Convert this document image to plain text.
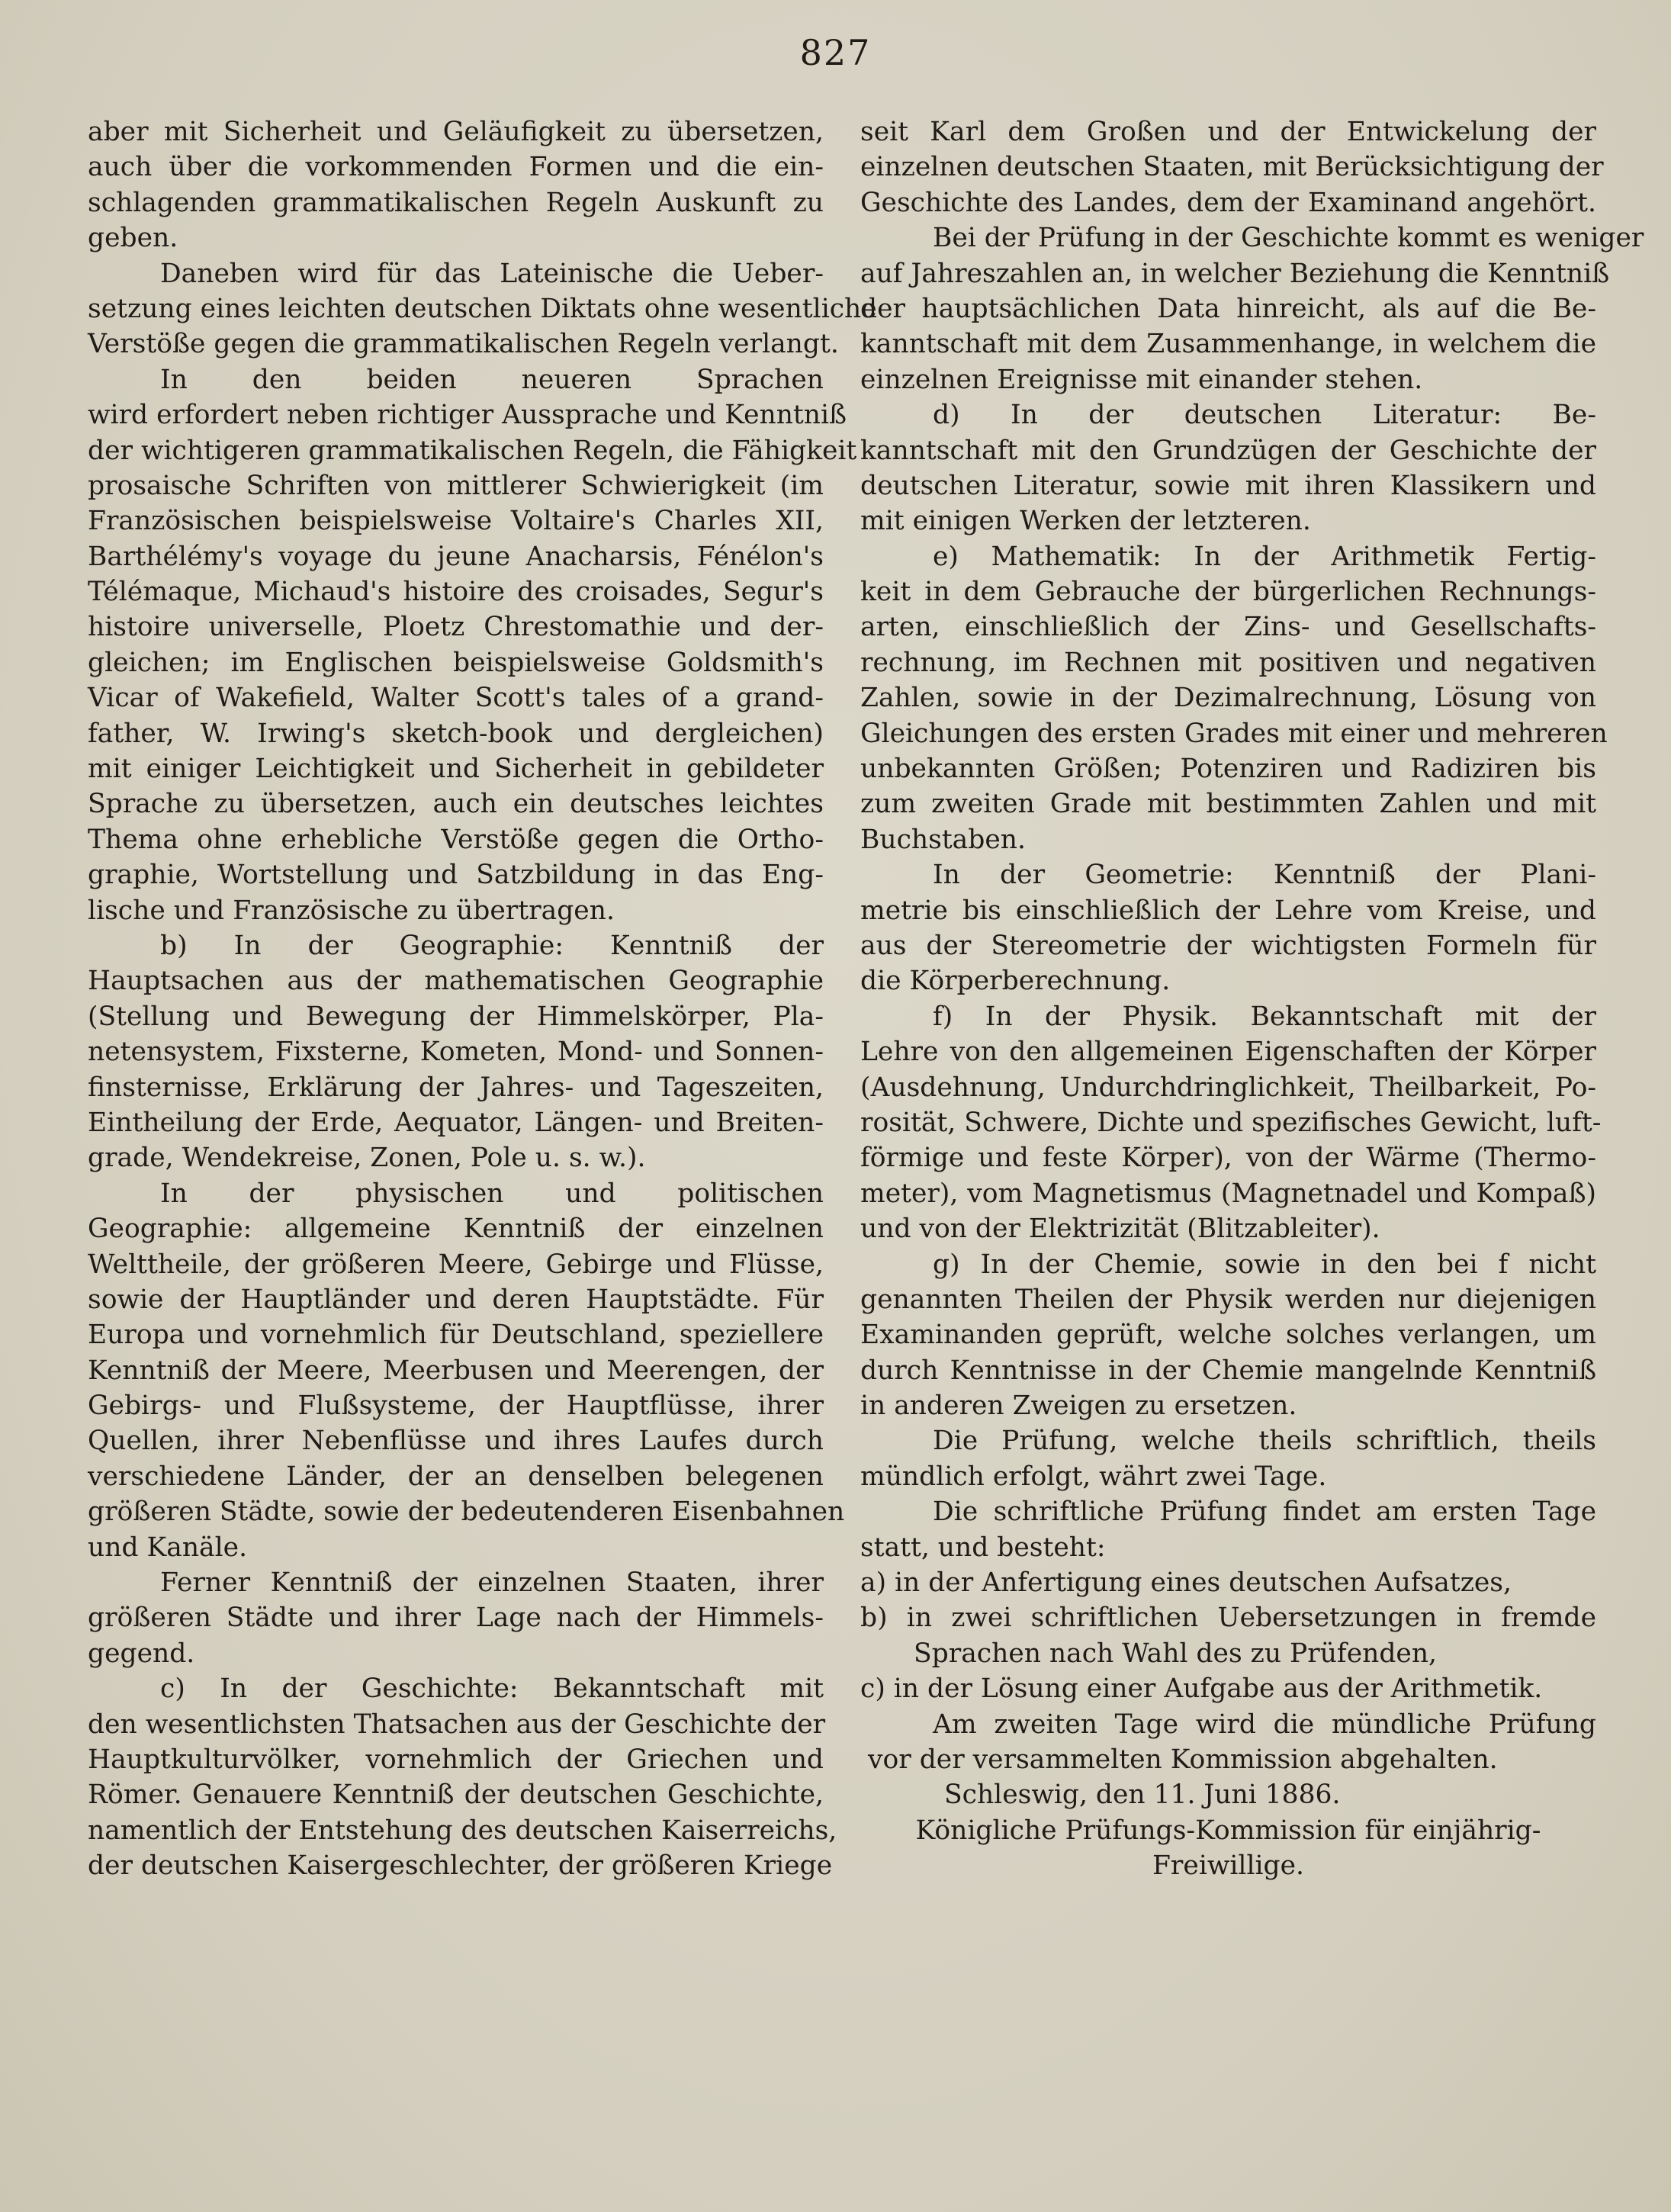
827
aber mit Sicherheit und Geläufigkeit zu übersetzen,
auch über die vorkommenden Formen und die ein-
schlagenden grammatikalischen Regeln Auskunft zu
geben.
Daneben wird für das Lateinische die Ueber-
setzung eines leichten deutschen Diktats ohne wesentliche
Verstöße gegen die grammatikalischen Regeln verlangt.
In den beiden neueren Sprachen
wird erfordert neben richtiger Aussprache und Kenntniß
der wichtigeren grammatikalischen Regeln, die Fähigkeit
prosaische Schriften von mittlerer Schwierigkeit (im
Französischen beispielsweise Voltaire's Charles XII,
Barthélémy's voyage du jeune Anacharsis, Fénélon's
Télémaque, Michaud's histoire des croisades, Segur's
histoire universelle, Ploetz Chrestomathie und der-
gleichen; im Englischen beispielsweise Goldsmith's
Vicar of Wakefield, Walter Scott's tales of a grand-
father, W. Irwing's sketch-book und dergleichen)
mit einiger Leichtigkeit und Sicherheit in gebildeter
Sprache zu übersetzen, auch ein deutsches leichtes
Thema ohne erhebliche Verstöße gegen die Ortho-
graphie, Wortstellung und Satzbildung in das Eng-
lische und Französische zu übertragen.
b) In der Geographie: Kenntniß der
Hauptsachen aus der mathematischen Geographie
(Stellung und Bewegung der Himmelskörper, Pla-
netensystem, Fixsterne, Kometen, Mond- und Sonnen-
finsternisse, Erklärung der Jahres- und Tageszeiten,
Eintheilung der Erde, Aequator, Längen- und Breiten-
grade, Wendekreise, Zonen, Pole u. s. w.).
In der physischen und politischen
Geographie: allgemeine Kenntniß der einzelnen
Welttheile, der größeren Meere, Gebirge und Flüsse,
sowie der Hauptländer und deren Hauptstädte. Für
Europa und vornehmlich für Deutschland, speziellere
Kenntniß der Meere, Meerbusen und Meerengen, der
Gebirgs- und Flußsysteme, der Hauptflüsse, ihrer
Quellen, ihrer Nebenflüsse und ihres Laufes durch
verschiedene Länder, der an denselben belegenen
größeren Städte, sowie der bedeutenderen Eisenbahnen
und Kanäle.
Ferner Kenntniß der einzelnen Staaten, ihrer
größeren Städte und ihrer Lage nach der Himmels-
gegend.
c) In der Geschichte: Bekanntschaft mit
den wesentlichsten Thatsachen aus der Geschichte der
Hauptkulturvölker, vornehmlich der Griechen und
Römer. Genauere Kenntniß der deutschen Geschichte,
namentlich der Entstehung des deutschen Kaiserreichs,
der deutschen Kaisergeschlechter, der größeren Kriege
seit Karl dem Großen und der Entwickelung der
einzelnen deutschen Staaten, mit Berücksichtigung der
Geschichte des Landes, dem der Examinand angehört.
Bei der Prüfung in der Geschichte kommt es weniger
auf Jahreszahlen an, in welcher Beziehung die Kenntniß
der hauptsächlichen Data hinreicht, als auf die Be-
kanntschaft mit dem Zusammenhange, in welchem die
einzelnen Ereignisse mit einander stehen.
d) In der deutschen Literatur: Be-
kanntschaft mit den Grundzügen der Geschichte der
deutschen Literatur, sowie mit ihren Klassikern und
mit einigen Werken der letzteren.
e) Mathematik: In der Arithmetik Fertig-
keit in dem Gebrauche der bürgerlichen Rechnungs-
arten, einschließlich der Zins- und Gesellschafts-
rechnung, im Rechnen mit positiven und negativen
Zahlen, sowie in der Dezimalrechnung, Lösung von
Gleichungen des ersten Grades mit einer und mehreren
unbekannten Größen; Potenziren und Radiziren bis
zum zweiten Grade mit bestimmten Zahlen und mit
Buchstaben.
In der Geometrie: Kenntniß der Plani-
metrie bis einschließlich der Lehre vom Kreise, und
aus der Stereometrie der wichtigsten Formeln für
die Körperberechnung.
f) In der Physik. Bekanntschaft mit der
Lehre von den allgemeinen Eigenschaften der Körper
(Ausdehnung, Undurchdringlichkeit, Theilbarkeit, Po-
rosität, Schwere, Dichte und spezifisches Gewicht, luft-
förmige und feste Körper), von der Wärme (Thermo-
meter), vom Magnetismus (Magnetnadel und Kompaß)
und von der Elektrizität (Blitzableiter).
g) In der Chemie, sowie in den bei f nicht
genannten Theilen der Physik werden nur diejenigen
Examinanden geprüft, welche solches verlangen, um
durch Kenntnisse in der Chemie mangelnde Kenntniß
in anderen Zweigen zu ersetzen.
Die Prüfung, welche theils schriftlich, theils
mündlich erfolgt, währt zwei Tage.
Die schriftliche Prüfung findet am ersten Tage
statt, und besteht:
a) in der Anfertigung eines deutschen Aufsatzes,
b) in zwei schriftlichen Uebersetzungen in fremde
Sprachen nach Wahl des zu Prüfenden,
c) in der Lösung einer Aufgabe aus der Arithmetik.
Am zweiten Tage wird die mündliche Prüfung
vor der versammelten Kommission abgehalten.
Schleswig, den 11. Juni 1886.
Königliche Prüfungs-Kommission für einjährig-
Freiwillige.
